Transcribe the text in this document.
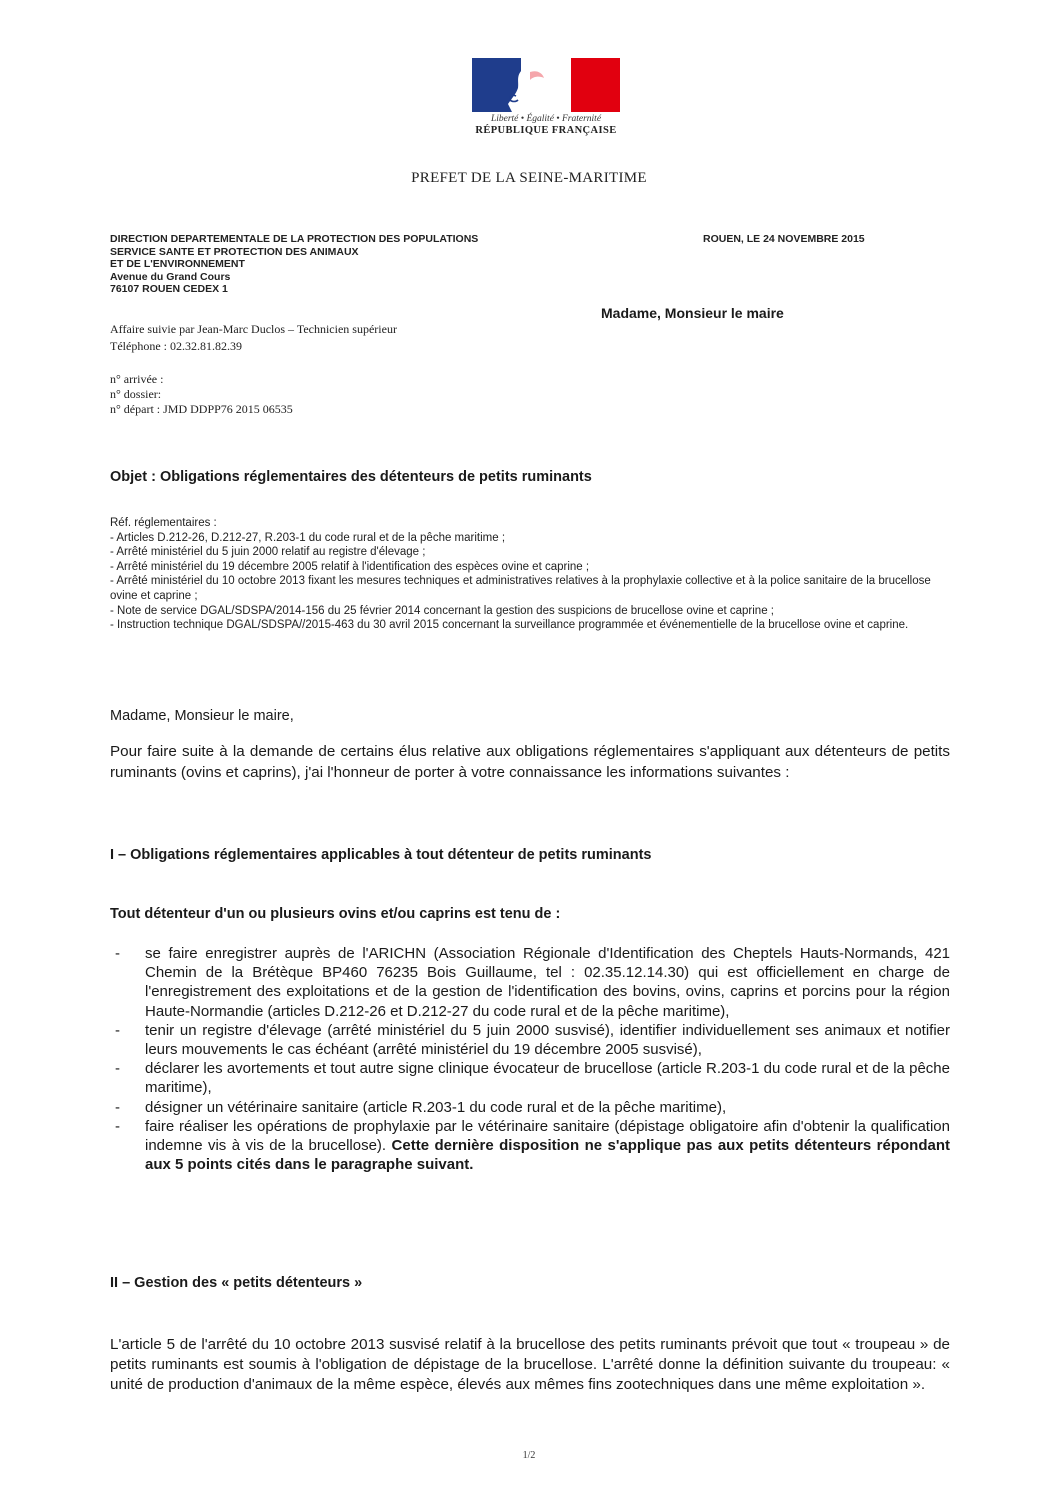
Liberté • Égalité • Fraternité
RÉPUBLIQUE FRANÇAISE
PREFET DE LA SEINE-MARITIME
DIRECTION DEPARTEMENTALE DE LA PROTECTION DES POPULATIONS
SERVICE SANTE ET PROTECTION DES ANIMAUX
ET DE L'ENVIRONNEMENT
Avenue du Grand Cours
76107 ROUEN CEDEX 1
ROUEN, LE 24 NOVEMBRE 2015
Madame, Monsieur le maire
Affaire suivie par Jean-Marc Duclos – Technicien supérieur
Téléphone : 02.32.81.82.39
n° arrivée :
n° dossier:
n° départ : JMD DDPP76 2015 06535
Objet : Obligations réglementaires des détenteurs de petits ruminants
Réf. réglementaires :
- Articles D.212-26, D.212-27, R.203-1 du code rural et de la pêche maritime ;
- Arrêté ministériel du 5 juin 2000 relatif au registre d'élevage ;
- Arrêté ministériel du 19 décembre 2005 relatif à l'identification des espèces ovine et caprine ;
- Arrêté ministériel du 10 octobre 2013 fixant les mesures techniques et administratives relatives à la prophylaxie collective et à la police sanitaire de la brucellose ovine et caprine ;
- Note de service DGAL/SDSPA/2014-156 du 25 février 2014 concernant la gestion des suspicions de brucellose ovine et caprine ;
- Instruction technique DGAL/SDSPA//2015-463 du 30 avril 2015 concernant la surveillance programmée et événementielle de la brucellose ovine et caprine.
Madame, Monsieur le maire,
Pour faire suite à la demande de certains élus relative aux obligations réglementaires s'appliquant aux détenteurs de petits ruminants (ovins et caprins), j'ai l'honneur de porter à votre connaissance les informations suivantes :
I – Obligations réglementaires applicables à tout détenteur de petits ruminants
Tout détenteur d'un ou plusieurs ovins et/ou caprins est tenu de :
- se faire enregistrer auprès de l'ARICHN (Association Régionale d'Identification des Cheptels Hauts-Normands, 421 Chemin de la Brétèque BP460 76235 Bois Guillaume, tel : 02.35.12.14.30) qui est officiellement en charge de l'enregistrement des exploitations et de la gestion de l'identification des bovins, ovins, caprins et porcins pour la région Haute-Normandie (articles D.212-26 et D.212-27 du code rural et de la pêche maritime),
- tenir un registre d'élevage (arrêté ministériel du 5 juin 2000 susvisé), identifier individuellement ses animaux et notifier leurs mouvements le cas échéant (arrêté ministériel du 19 décembre 2005 susvisé),
- déclarer les avortements et tout autre signe clinique évocateur de brucellose (article R.203-1 du code rural et de la pêche maritime),
- désigner un vétérinaire sanitaire (article R.203-1 du code rural et de la pêche maritime),
- faire réaliser les opérations de prophylaxie par le vétérinaire sanitaire (dépistage obligatoire afin d'obtenir la qualification indemne vis à vis de la brucellose). Cette dernière disposition ne s'applique pas aux petits détenteurs répondant aux 5 points cités dans le paragraphe suivant.
II – Gestion des « petits détenteurs »
L'article 5 de l'arrêté du 10 octobre 2013 susvisé relatif à la brucellose des petits ruminants prévoit que tout « troupeau » de petits ruminants est soumis à l'obligation de dépistage de la brucellose. L'arrêté donne la définition suivante du troupeau: « unité de production d'animaux de la même espèce, élevés aux mêmes fins zootechniques dans une même exploitation ».
1/2
